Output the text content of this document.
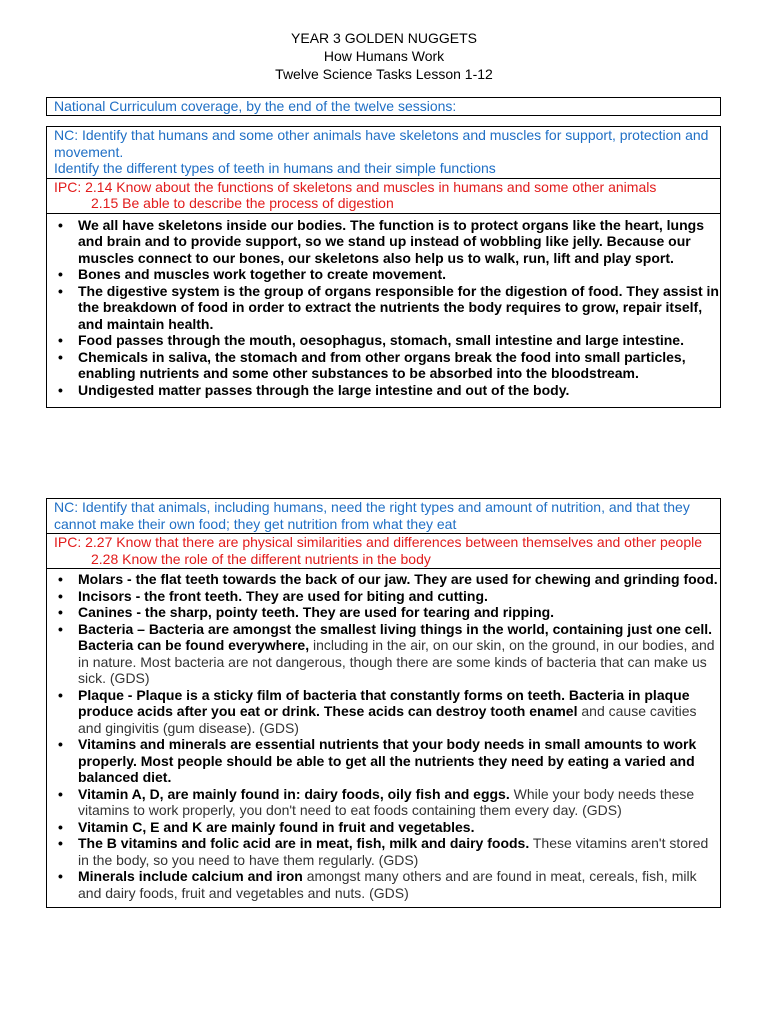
YEAR 3 GOLDEN NUGGETS
How Humans Work
Twelve Science Tasks Lesson 1-12
National Curriculum coverage, by the end of the twelve sessions:
NC: Identify that humans and some other animals have skeletons and muscles for support, protection and movement.
Identify the different types of teeth in humans and their simple functions
IPC: 2.14 Know about the functions of skeletons and muscles in humans and some other animals
2.15 Be able to describe the process of digestion

• We all have skeletons inside our bodies. The function is to protect organs like the heart, lungs and brain and to provide support, so we stand up instead of wobbling like jelly. Because our muscles connect to our bones, our skeletons also help us to walk, run, lift and play sport.
• Bones and muscles work together to create movement.
• The digestive system is the group of organs responsible for the digestion of food. They assist in the breakdown of food in order to extract the nutrients the body requires to grow, repair itself, and maintain health.
• Food passes through the mouth, oesophagus, stomach, small intestine and large intestine.
• Chemicals in saliva, the stomach and from other organs break the food into small particles, enabling nutrients and some other substances to be absorbed into the bloodstream.
• Undigested matter passes through the large intestine and out of the body.
NC: Identify that animals, including humans, need the right types and amount of nutrition, and that they cannot make their own food; they get nutrition from what they eat
IPC: 2.27 Know that there are physical similarities and differences between themselves and other people
2.28 Know the role of the different nutrients in the body

• Molars - the flat teeth towards the back of our jaw. They are used for chewing and grinding food.
• Incisors - the front teeth. They are used for biting and cutting.
• Canines - the sharp, pointy teeth. They are used for tearing and ripping.
• Bacteria – Bacteria are amongst the smallest living things in the world, containing just one cell. Bacteria can be found everywhere, including in the air, on our skin, on the ground, in our bodies, and in nature. Most bacteria are not dangerous, though there are some kinds of bacteria that can make us sick. (GDS)
• Plaque - Plaque is a sticky film of bacteria that constantly forms on teeth. Bacteria in plaque produce acids after you eat or drink. These acids can destroy tooth enamel and cause cavities and gingivitis (gum disease). (GDS)
• Vitamins and minerals are essential nutrients that your body needs in small amounts to work properly. Most people should be able to get all the nutrients they need by eating a varied and balanced diet.
• Vitamin A, D, are mainly found in: dairy foods, oily fish and eggs. While your body needs these vitamins to work properly, you don't need to eat foods containing them every day. (GDS)
• Vitamin C, E and K are mainly found in fruit and vegetables.
• The B vitamins and folic acid are in meat, fish, milk and dairy foods. These vitamins aren't stored in the body, so you need to have them regularly. (GDS)
• Minerals include calcium and iron amongst many others and are found in meat, cereals, fish, milk and dairy foods, fruit and vegetables and nuts. (GDS)
